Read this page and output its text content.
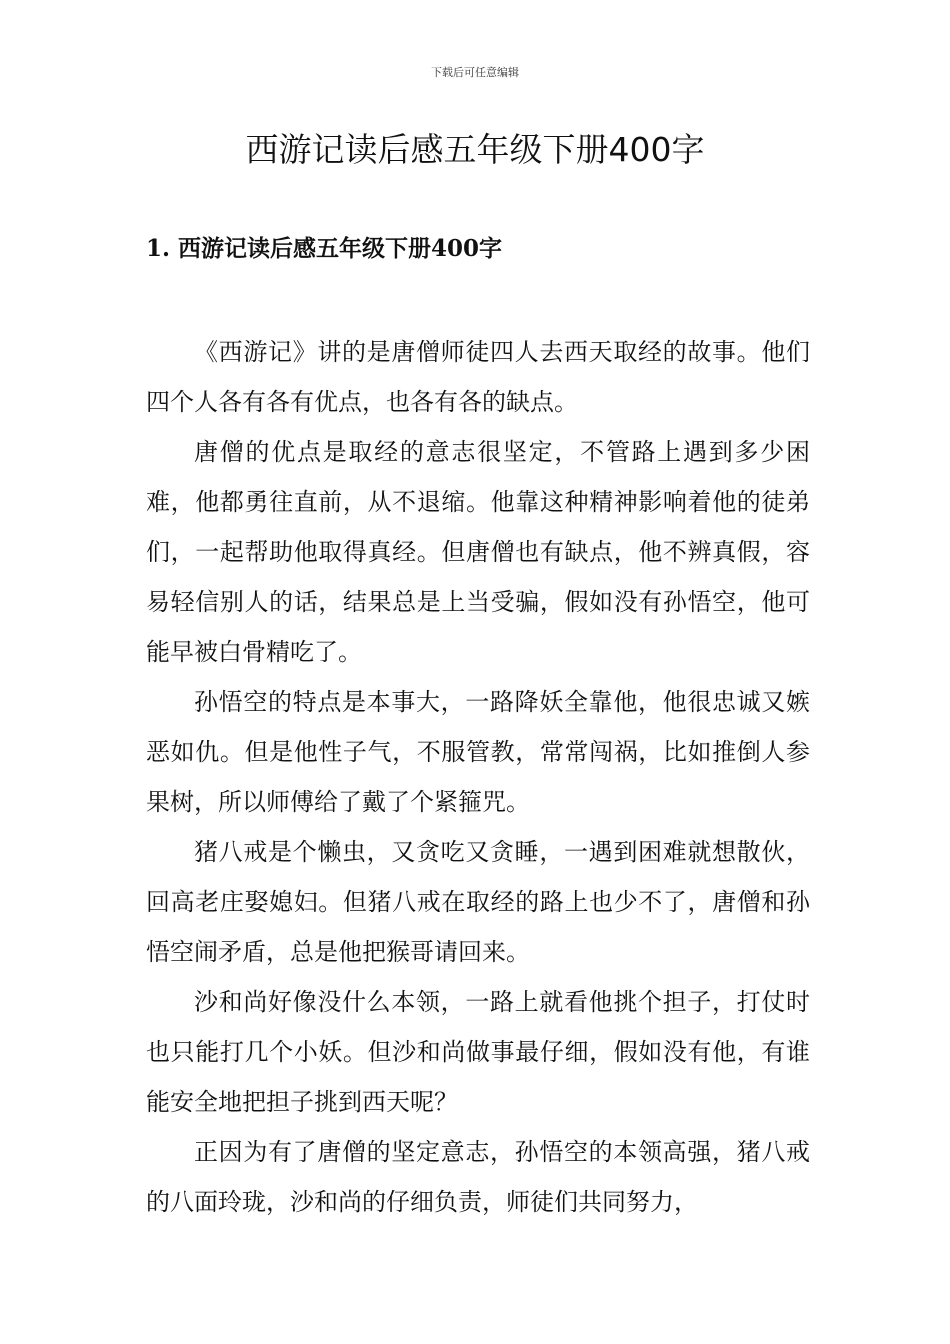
下载后可任意编辑
西游记读后感五年级下册400字
1. 西游记读后感五年级下册400字

《西游记》讲的是唐僧师徒四人去西天取经的故事。他们四个人各有各有优点，也各有各的缺点。

唐僧的优点是取经的意志很坚定，不管路上遇到多少困难，他都勇往直前，从不退缩。他靠这种精神影响着他的徒弟们，一起帮助他取得真经。但唐僧也有缺点，他不辨真假，容易轻信别人的话，结果总是上当受骗，假如没有孙悟空，他可能早被白骨精吃了。

孙悟空的特点是本事大，一路降妖全靠他，他很忠诚又嫉恶如仇。但是他性子气，不服管教，常常闯祸，比如推倒人参果树，所以师傅给了戴了个紧箍咒。

猪八戒是个懒虫，又贪吃又贪睡，一遇到困难就想散伙，回高老庄娶媳妇。但猪八戒在取经的路上也少不了，唐僧和孙悟空闹矛盾，总是他把猴哥请回来。

沙和尚好像没什么本领，一路上就看他挑个担子，打仗时也只能打几个小妖。但沙和尚做事最仔细，假如没有他，有谁能安全地把担子挑到西天呢？

正因为有了唐僧的坚定意志，孙悟空的本领高强，猪八戒的八面玲珑，沙和尚的仔细负责，师徒们共同努力，
